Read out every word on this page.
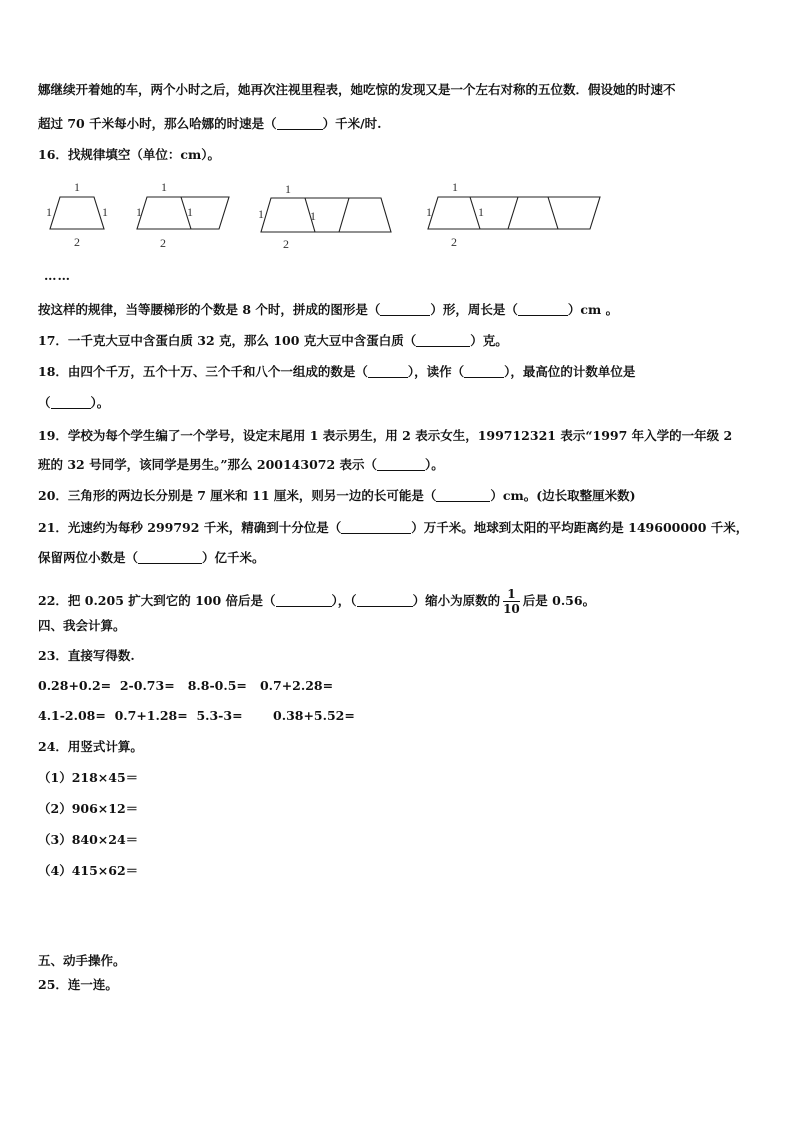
娜继续开着她的车，两个小时之后，她再次注视里程表，她吃惊的发现又是一个左右对称的五位数．假设她的时速不
超过 70 千米每小时，那么哈娜的时速是（	）千米/时.
16．找规律填空（单位：cm）。
1
1	1
2
1
1	1
2
1
1	1
2
1
1	1
2
……
按这样的规律，当等腰梯形的个数是 8 个时，拼成的图形是（	）形，周长是（	）cm 。
17．一千克大豆中含蛋白质 32 克，那么 100 克大豆中含蛋白质（	）克。
18．由四个千万，五个十万、三个千和八个一组成的数是（	），读作（	），最高位的计数单位是
（	）。
19．学校为每个学生编了一个学号，设定末尾用 1 表示男生，用 2 表示女生，199712321 表示“1997 年入学的一年级 2
班的 32 号同学，该同学是男生。”那么 200143072 表示（	）。
20．三角形的两边长分别是 7 厘米和 11 厘米，则另一边的长可能是（	）cm。(边长取整厘米数)
21．光速约为每秒 299792 千米，精确到十分位是（	）万千米。地球到太阳的平均距离约是 149600000 千米，
保留两位小数是（	）亿千米。
22．把 0.205 扩大到它的 100 倍后是（	），（	）缩小为原数的 $\frac{1}{10}$ 后是 0.56。
四、我会计算。
23．直接写得数.
0.28+0.2= 2-0.73= 8.8-0.5= 0.7+2.28=
4.1-2.08= 0.7+1.28= 5.3-3= 0.38+5.52=
24．用竖式计算。
（1）218×45＝
（2）906×12＝
（3）840×24＝
（4）415×62＝
五、动手操作。
25．连一连。
